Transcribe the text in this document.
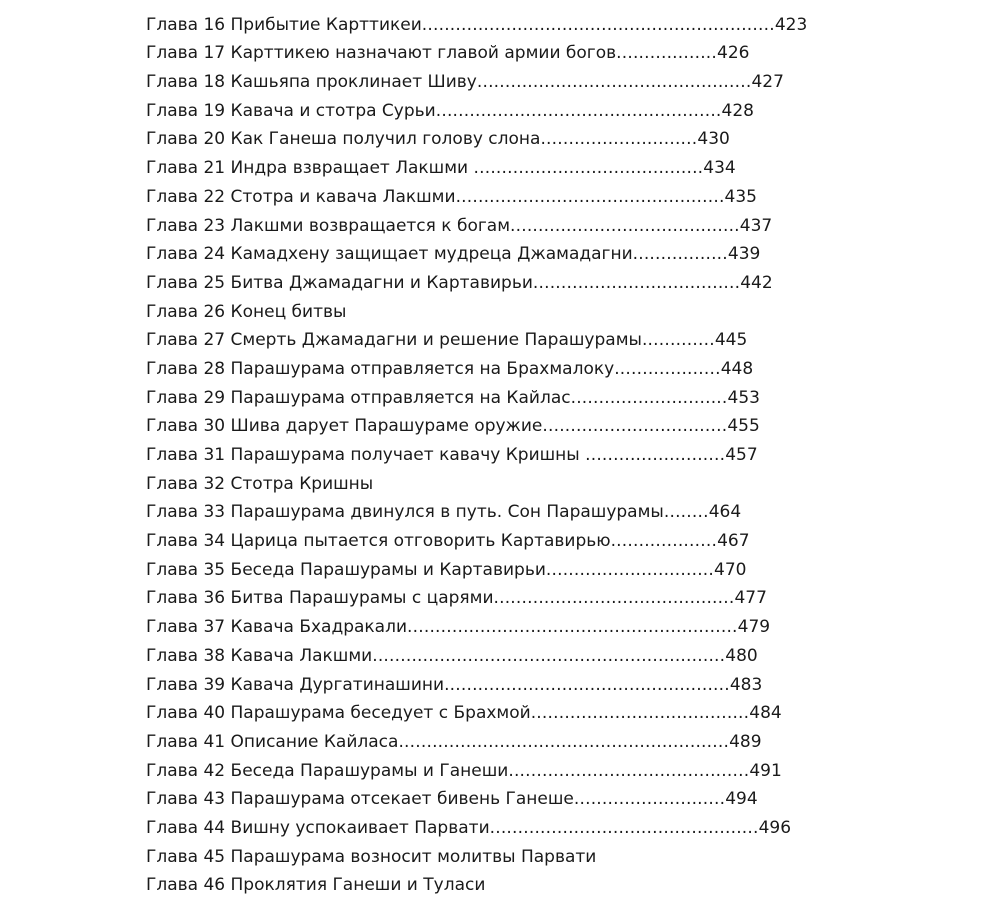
Глава 16 Прибытие Карттикеи...............................................................423
Глава 17 Карттикею назначают главой армии богов..................426
Глава 18 Кашьяпа проклинает Шиву.................................................427
Глава 19 Кавача и стотра Сурьи...................................................428
Глава 20 Как Ганеша получил голову слона............................430
Глава 21 Индра взвращает Лакшми .........................................434
Глава 22 Стотра и кавача Лакшми................................................435
Глава 23 Лакшми возвращается к богам.........................................437
Глава 24 Камадхену защищает мудреца Джамадагни.................439
Глава 25 Битва Джамадагни и Картавирьи.....................................442
Глава 26 Конец битвы
Глава 27 Смерть Джамадагни и решение Парашурамы.............445
Глава 28 Парашурама отправляется на Брахмалоку...................448
Глава 29 Парашурама отправляется на Кайлас............................453
Глава 30 Шива дарует Парашураме оружие.................................455
Глава 31 Парашурама получает кавачу Кришны .........................457
Глава 32 Стотра Кришны
Глава 33 Парашурама двинулся в путь. Сон Парашурамы........464
Глава 34 Царица пытается отговорить Картавирью...................467
Глава 35 Беседа Парашурамы и Картавирьи..............................470
Глава 36 Битва Парашурамы с царями...........................................477
Глава 37 Кавача Бхадракали...........................................................479
Глава 38 Кавача Лакшми...............................................................480
Глава 39 Кавача Дургатинашини...................................................483
Глава 40 Парашурама беседует с Брахмой.......................................484
Глава 41 Описание Кайласа...........................................................489
Глава 42 Беседа Парашурамы и Ганеши...........................................491
Глава 43 Парашурама отсекает бивень Ганеше...........................494
Глава 44 Вишну успокаивает Парвати................................................496
Глава 45 Парашурама возносит молитвы Парвати
Глава 46 Проклятия Ганеши и Туласи
